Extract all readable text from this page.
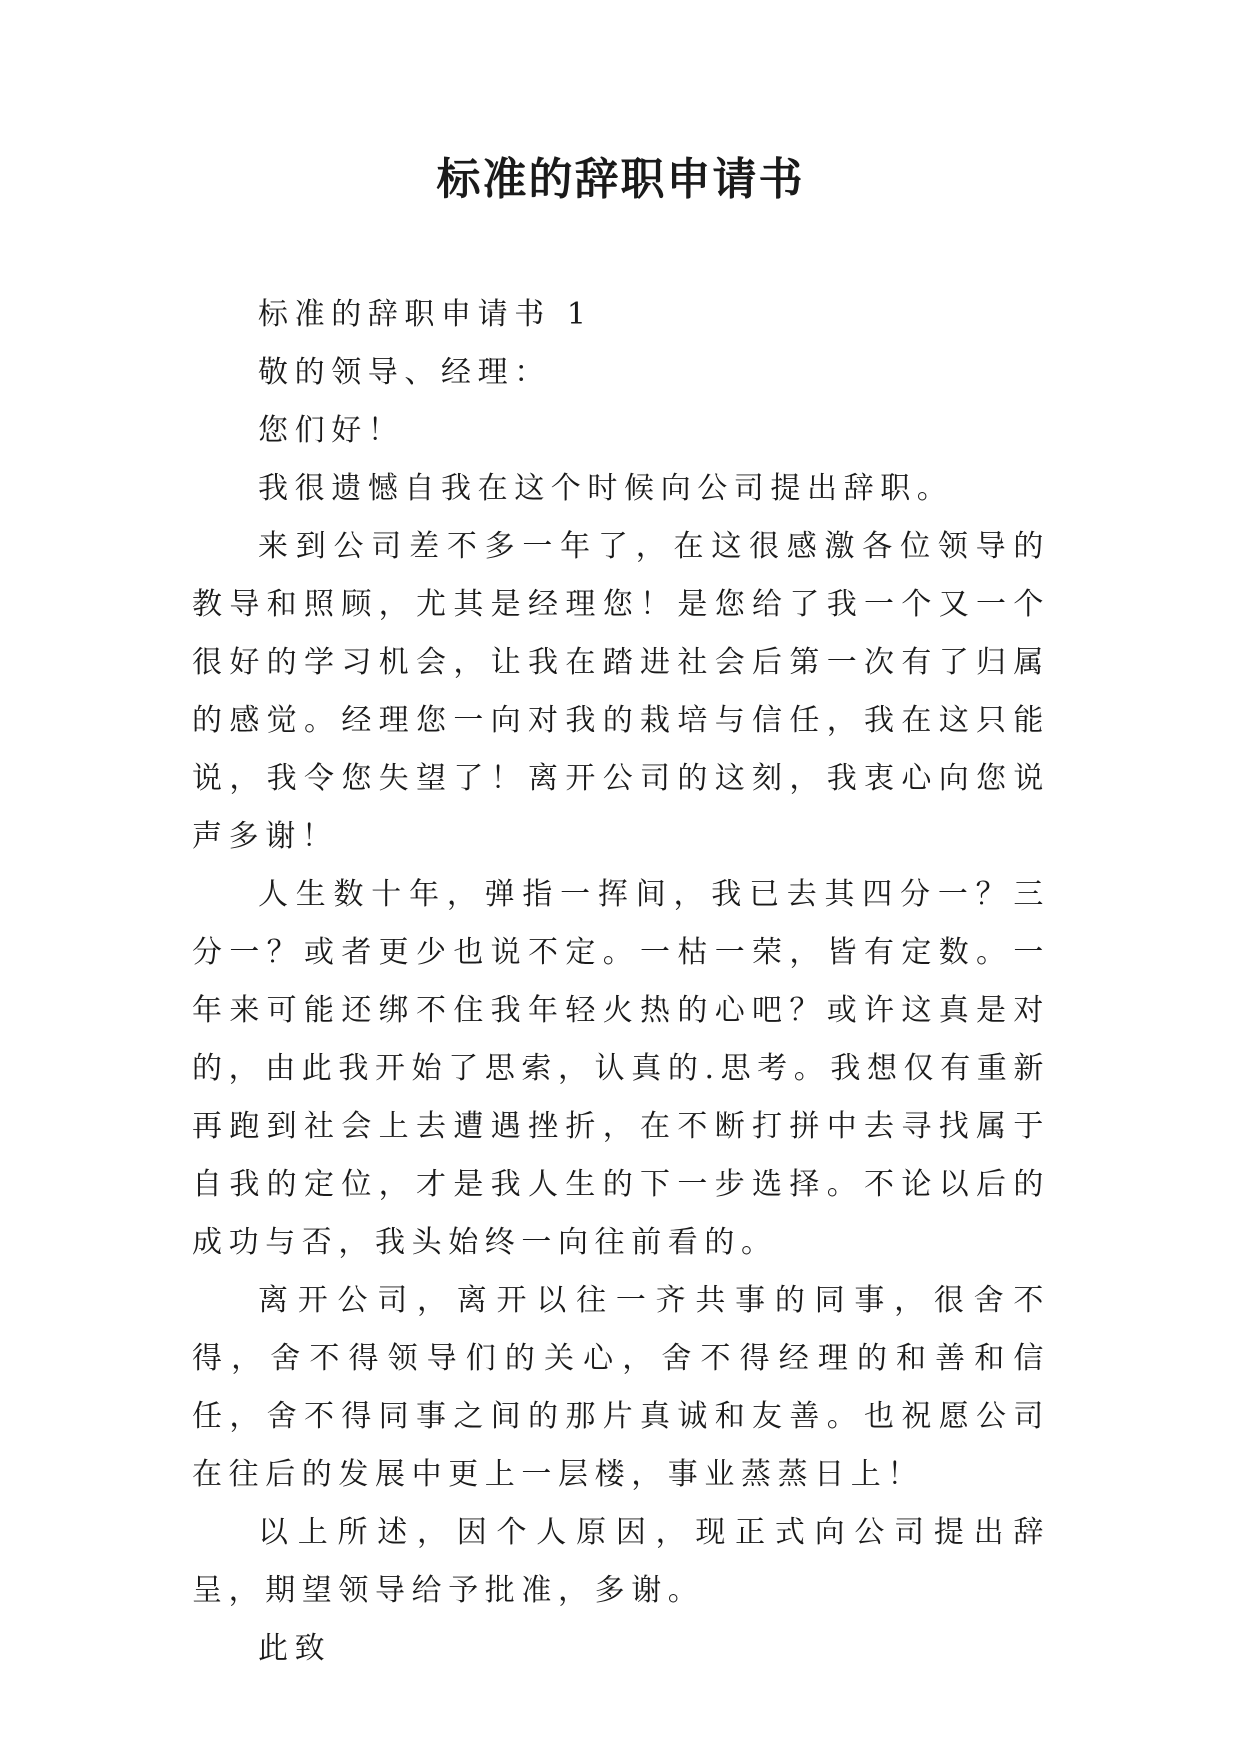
标准的辞职申请书

标准的辞职申请书 1

敬的领导、经理：

您们好！

我很遗憾自我在这个时候向公司提出辞职。

来到公司差不多一年了，在这很感激各位领导的教导和照顾，尤其是经理您！是您给了我一个又一个很好的学习机会，让我在踏进社会后第一次有了归属的感觉。经理您一向对我的栽培与信任，我在这只能说，我令您失望了！离开公司的这刻，我衷心向您说声多谢！

人生数十年，弹指一挥间，我已去其四分一？三分一？或者更少也说不定。一枯一荣，皆有定数。一年来可能还绑不住我年轻火热的心吧？或许这真是对的，由此我开始了思索，认真的.思考。我想仅有重新再跑到社会上去遭遇挫折，在不断打拼中去寻找属于自我的定位，才是我人生的下一步选择。不论以后的成功与否，我头始终一向往前看的。

离开公司，离开以往一齐共事的同事，很舍不得，舍不得领导们的关心，舍不得经理的和善和信任，舍不得同事之间的那片真诚和友善。也祝愿公司在往后的发展中更上一层楼，事业蒸蒸日上！

以上所述，因个人原因，现正式向公司提出辞呈，期望领导给予批准，多谢。

此致
